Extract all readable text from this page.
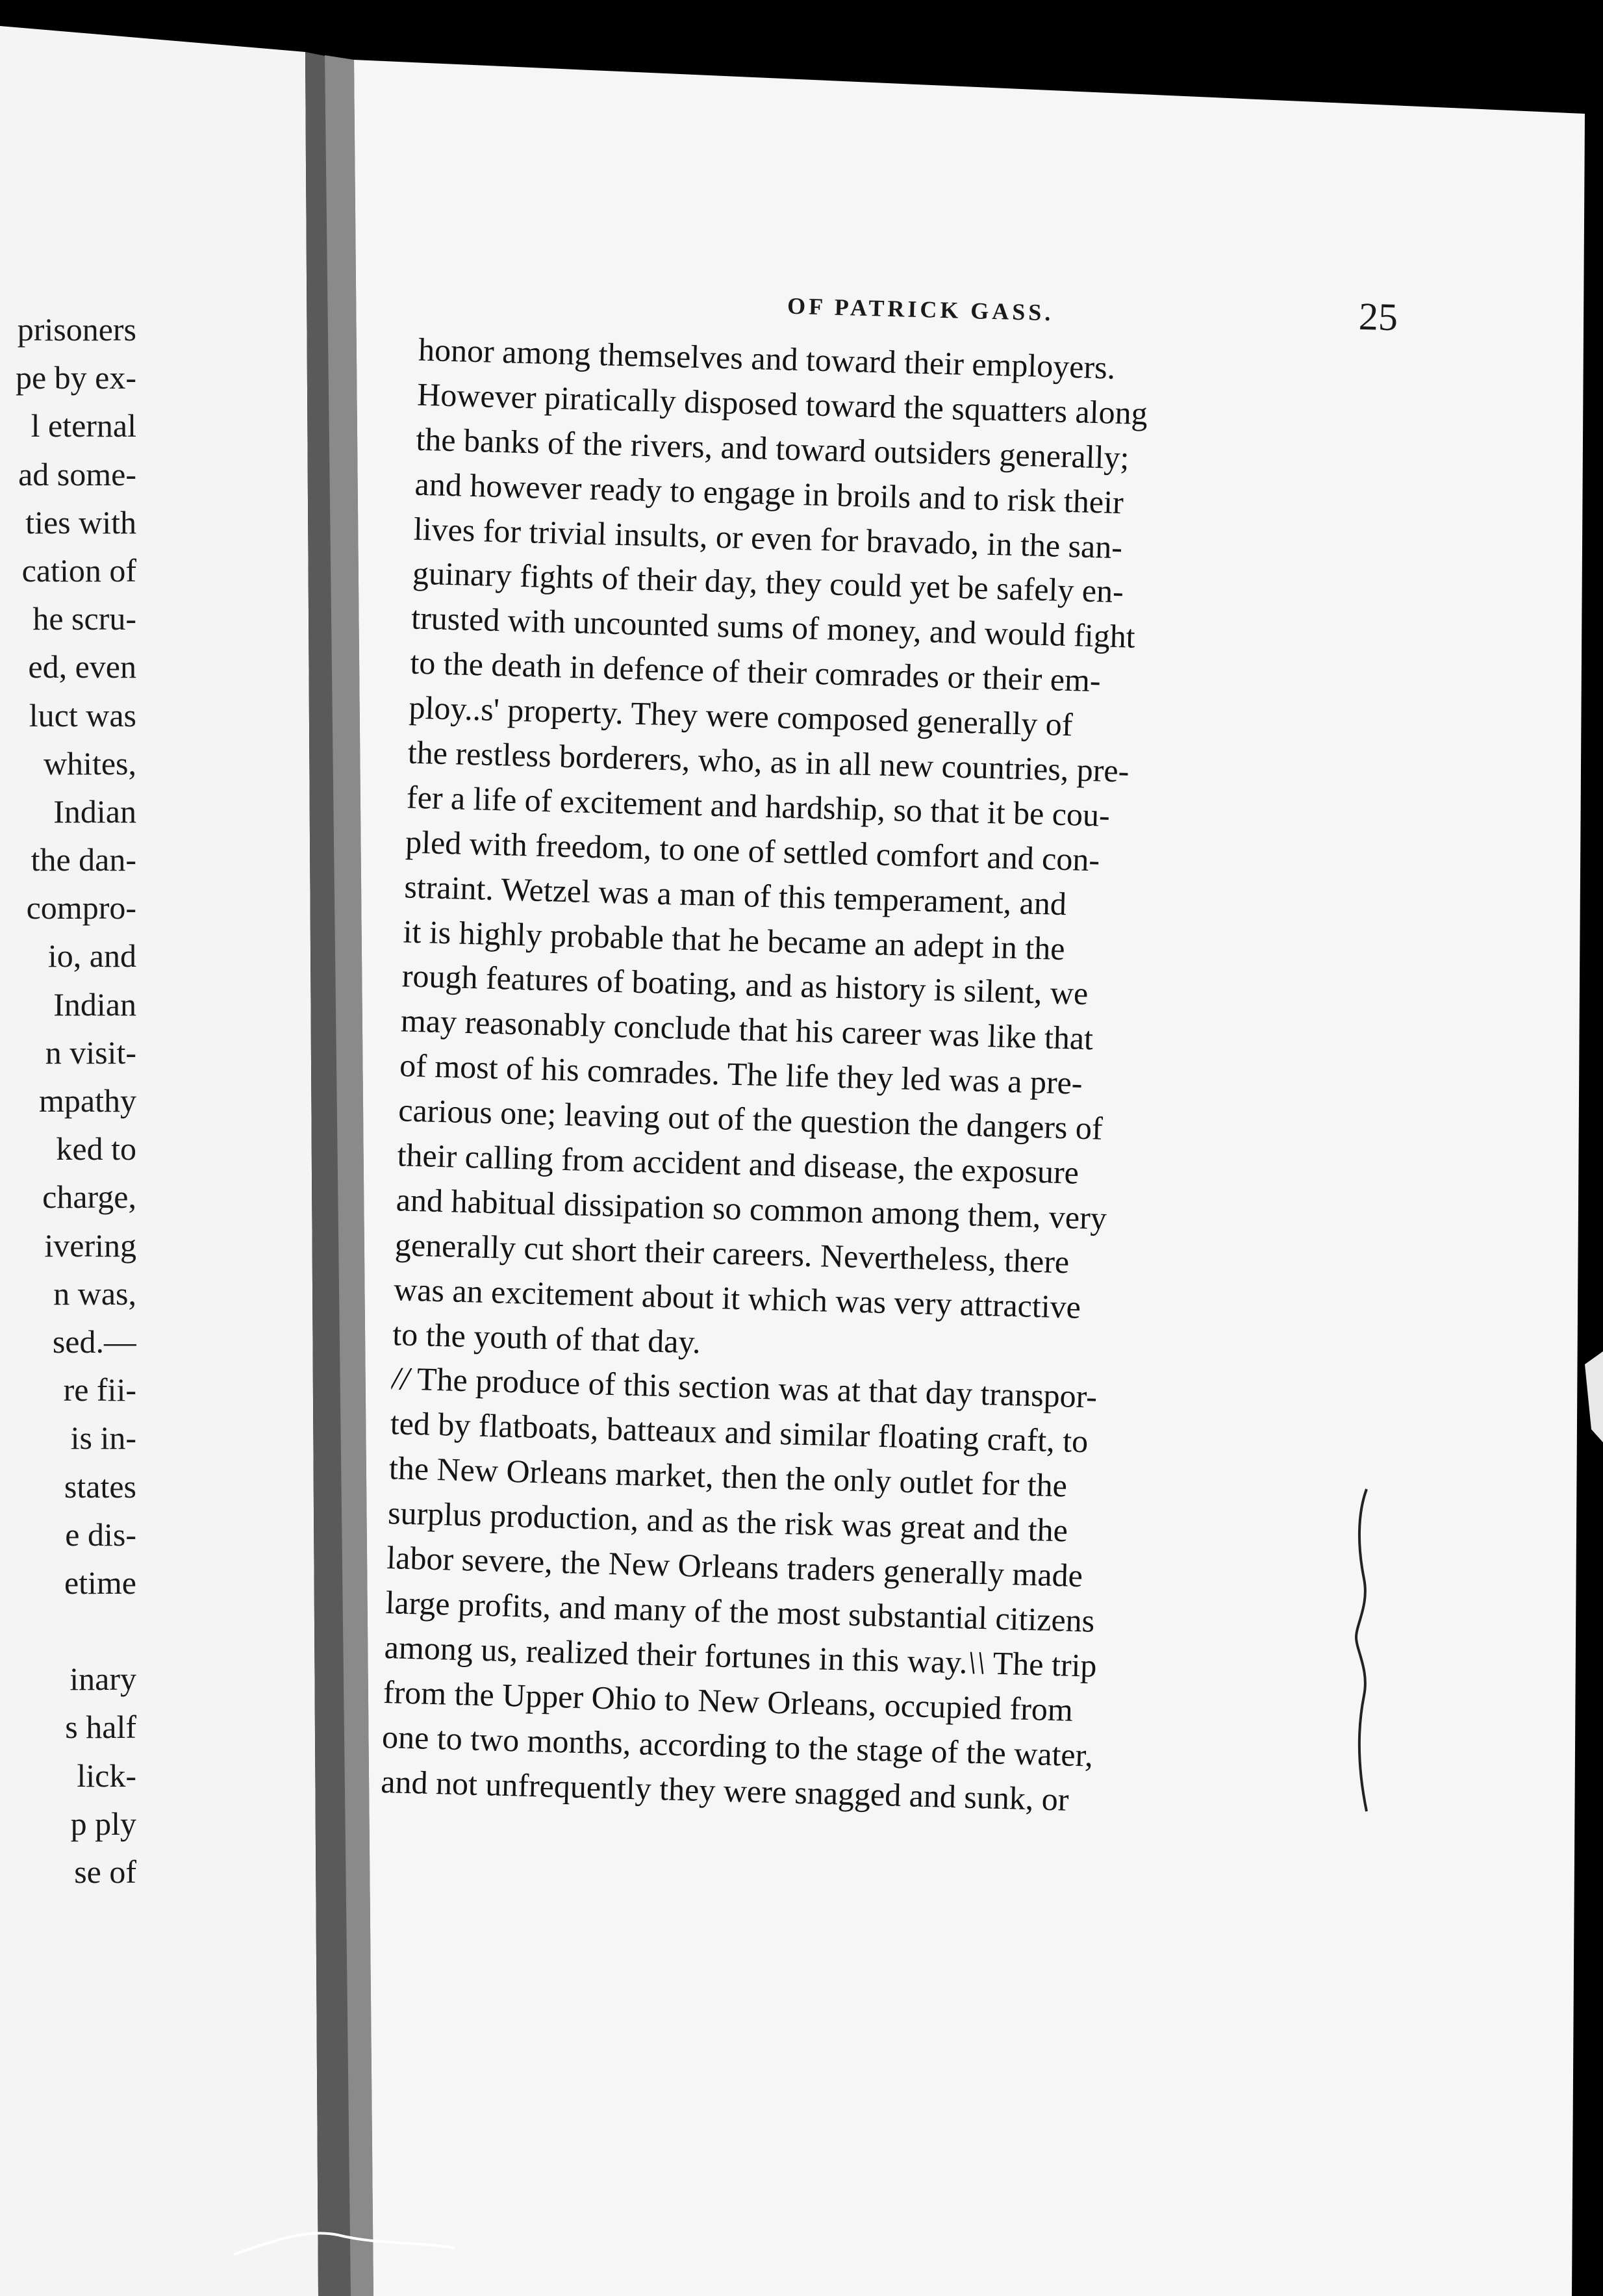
prisoners
pe by ex-
l eternal
ad some-
ties with
cation of
he scru-
ed, even
luct was
whites,
Indian
the dan-
compro-
io, and
Indian
n visit-
mpathy
ked to
charge,
ivering
n was,
sed.—
re fii-
is in-
states
e dis-
etime
inary
s half
lick-
p ply
se of
OF PATRICK GASS.	25
honor among themselves and toward their employers.
However piratically disposed toward the squatters along
the banks of the rivers, and toward outsiders generally;
and however ready to engage in broils and to risk their
lives for trivial insults, or even for bravado, in the san-
guinary fights of their day, they could yet be safely en-
trusted with uncounted sums of money, and would fight
to the death in defence of their comrades or their em-
ploy..s' property. They were composed generally of
the restless borderers, who, as in all new countries, pre-
fer a life of excitement and hardship, so that it be cou-
pled with freedom, to one of settled comfort and con-
straint. Wetzel was a man of this temperament, and
it is highly probable that he became an adept in the
rough features of boating, and as history is silent, we
may reasonably conclude that his career was like that
of most of his comrades. The life they led was a pre-
carious one; leaving out of the question the dangers of
their calling from accident and disease, the exposure
and habitual dissipation so common among them, very
generally cut short their careers. Nevertheless, there
was an excitement about it which was very attractive
to the youth of that day.
// The produce of this section was at that day transpor-
ted by flatboats, batteaux and similar floating craft, to
the New Orleans market, then the only outlet for the
surplus production, and as the risk was great and the
labor severe, the New Orleans traders generally made
large profits, and many of the most substantial citizens
among us, realized their fortunes in this way.\\ The trip
from the Upper Ohio to New Orleans, occupied from
one to two months, according to the stage of the water,
and not unfrequently they were snagged and sunk, or
